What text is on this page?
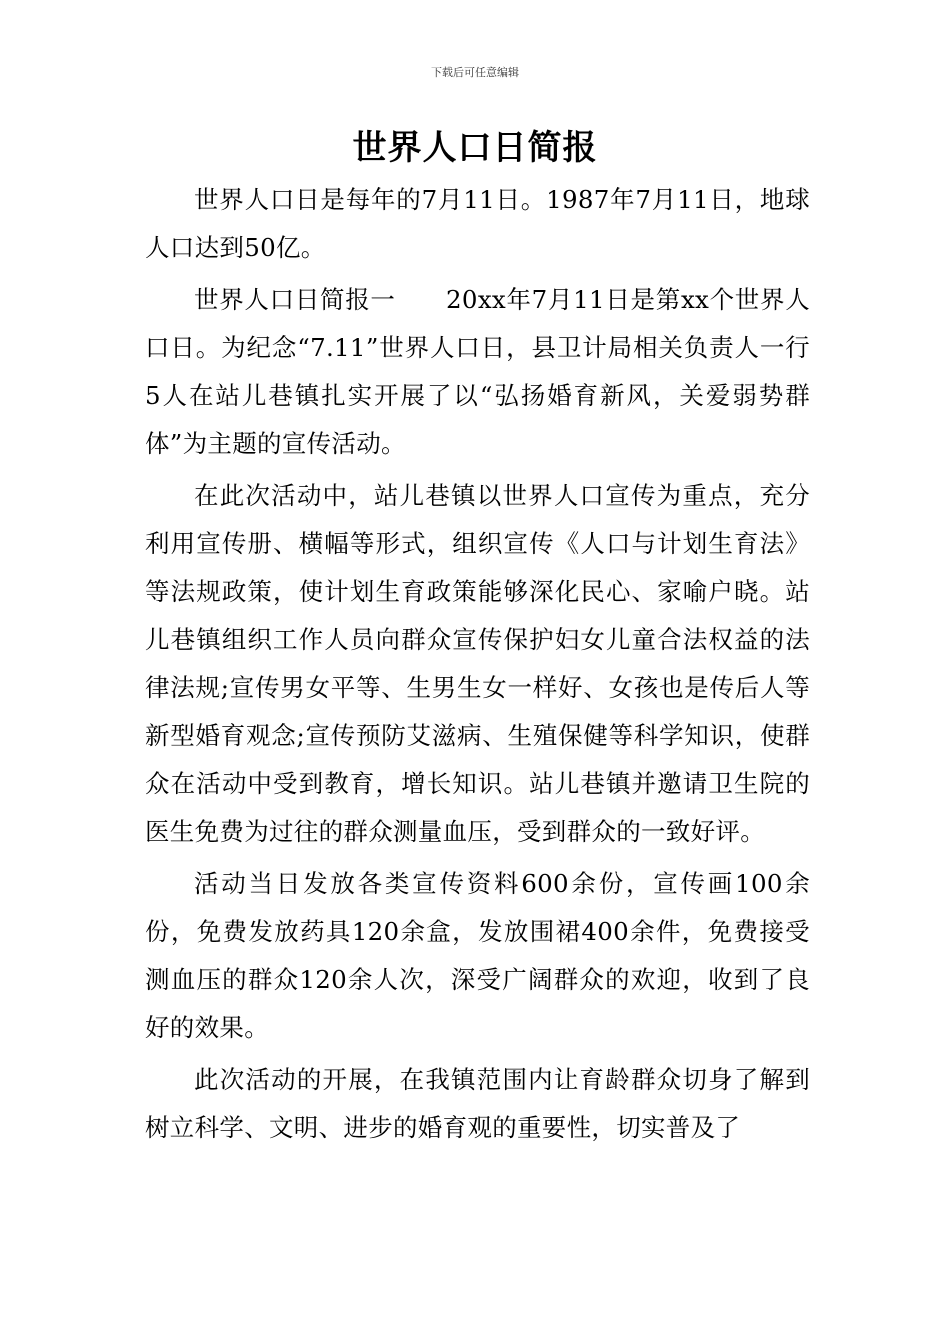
下载后可任意编辑
世界人口日简报

世界人口日是每年的7月11日。1987年7月11日，地球人口达到50亿。

世界人口日简报一　　20xx年7月11日是第xx个世界人口日。为纪念“7.11”世界人口日，县卫计局相关负责人一行5人在站儿巷镇扎实开展了以“弘扬婚育新风，关爱弱势群体”为主题的宣传活动。

在此次活动中，站儿巷镇以世界人口宣传为重点，充分利用宣传册、横幅等形式，组织宣传《人口与计划生育法》等法规政策，使计划生育政策能够深化民心、家喻户晓。站儿巷镇组织工作人员向群众宣传保护妇女儿童合法权益的法律法规;宣传男女平等、生男生女一样好、女孩也是传后人等新型婚育观念;宣传预防艾滋病、生殖保健等科学知识，使群众在活动中受到教育，增长知识。站儿巷镇并邀请卫生院的医生免费为过往的群众测量血压，受到群众的一致好评。

活动当日发放各类宣传资料600余份，宣传画100余份，免费发放药具120余盒，发放围裙400余件，免费接受测血压的群众120余人次，深受广阔群众的欢迎，收到了良好的效果。

此次活动的开展，在我镇范围内让育龄群众切身了解到树立科学、文明、进步的婚育观的重要性，切实普及了
